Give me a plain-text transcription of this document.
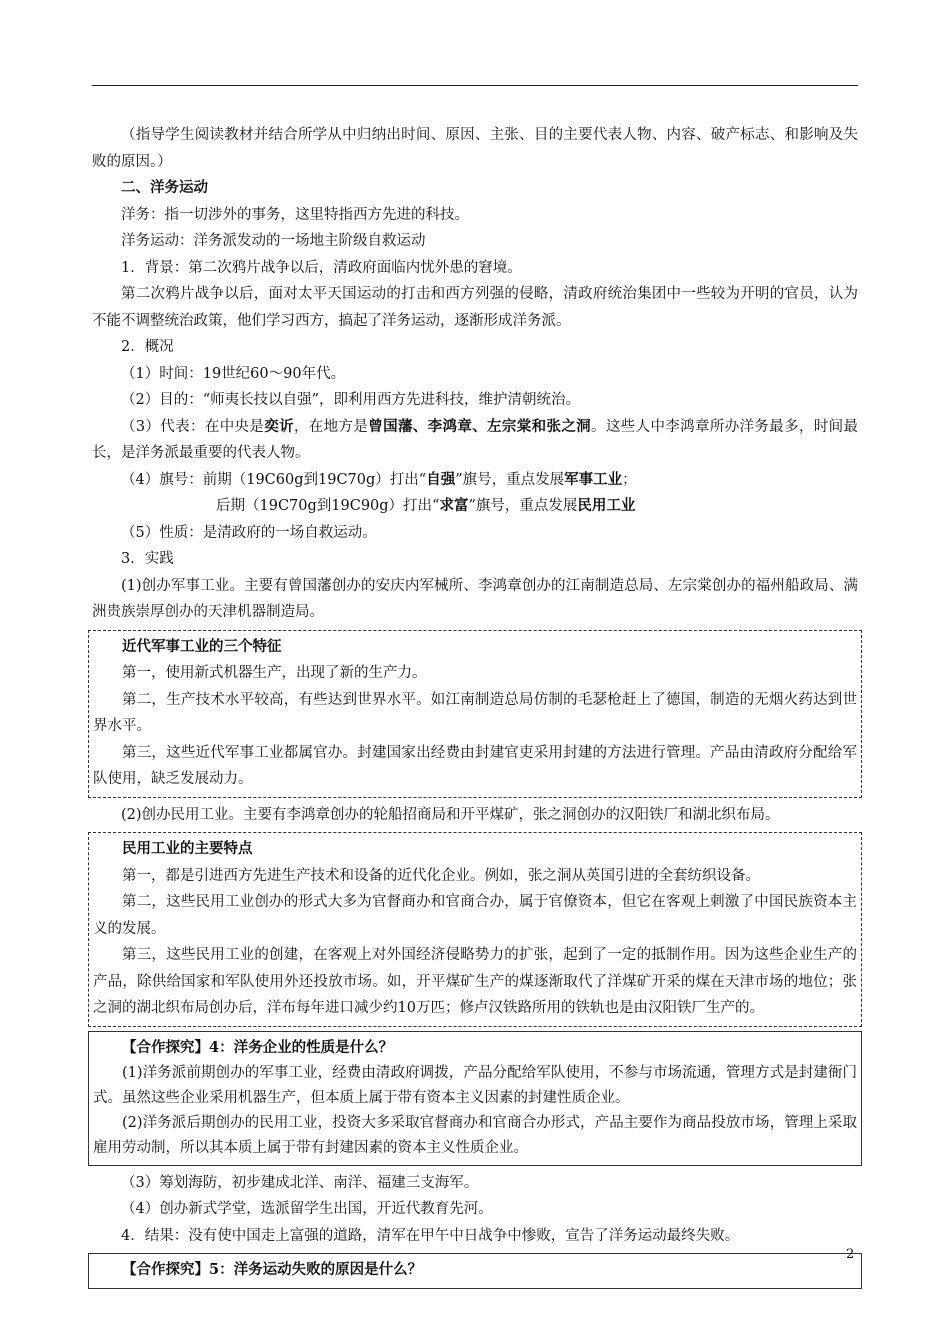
（指导学生阅读教材并结合所学从中归纳出时间、原因、主张、目的主要代表人物、内容、破产标志、和影响及失败的原因。）

二、洋务运动

洋务：指一切涉外的事务，这里特指西方先进的科技。

洋务运动：洋务派发动的一场地主阶级自救运动

1．背景：第二次鸦片战争以后，清政府面临内忧外患的窘境。

第二次鸦片战争以后，面对太平天国运动的打击和西方列强的侵略，清政府统治集团中一些较为开明的官员，认为不能不调整统治政策，他们学习西方，搞起了洋务运动，逐渐形成洋务派。

2．概况

（1）时间：19世纪60～90年代。

（2）目的：“师夷长技以自强”，即利用西方先进科技，维护清朝统治。

（3）代表：在中央是奕䜣，在地方是曾国藩、李鸿章、左宗棠和张之洞。这些人中李鸿章所办洋务最多，时间最长，是洋务派最重要的代表人物。

（4）旗号：前期（19C60g到19C70g）打出“自强”旗号，重点发展军事工业；

后期（19C70g到19C90g）打出“求富”旗号，重点发展民用工业

（5）性质：是清政府的一场自救运动。

3．实践

(1)创办军事工业。主要有曾国藩创办的安庆内军械所、李鸿章创办的江南制造总局、左宗棠创办的福州船政局、满洲贵族崇厚创办的天津机器制造局。

近代军事工业的三个特征

第一，使用新式机器生产，出现了新的生产力。

第二，生产技术水平较高，有些达到世界水平。如江南制造总局仿制的毛瑟枪赶上了德国，制造的无烟火药达到世界水平。

第三，这些近代军事工业都属官办。封建国家出经费由封建官吏采用封建的方法进行管理。产品由清政府分配给军队使用，缺乏发展动力。

(2)创办民用工业。主要有李鸿章创办的轮船招商局和开平煤矿，张之洞创办的汉阳铁厂和湖北织布局。

民用工业的主要特点

第一，都是引进西方先进生产技术和设备的近代化企业。例如，张之洞从英国引进的全套纺织设备。

第二，这些民用工业创办的形式大多为官督商办和官商合办，属于官僚资本，但它在客观上刺激了中国民族资本主义的发展。

第三，这些民用工业的创建，在客观上对外国经济侵略势力的扩张，起到了一定的抵制作用。因为这些企业生产的产品，除供给国家和军队使用外还投放市场。如，开平煤矿生产的煤逐渐取代了洋煤矿开采的煤在天津市场的地位；张之洞的湖北织布局创办后，洋布每年进口减少约10万匹；修卢汉铁路所用的铁轨也是由汉阳铁厂生产的。

【合作探究】4：洋务企业的性质是什么？

(1)洋务派前期创办的军事工业，经费由清政府调拨，产品分配给军队使用，不参与市场流通，管理方式是封建衙门式。虽然这些企业采用机器生产，但本质上属于带有资本主义因素的封建性质企业。

(2)洋务派后期创办的民用工业，投资大多采取官督商办和官商合办形式，产品主要作为商品投放市场，管理上采取雇用劳动制，所以其本质上属于带有封建因素的资本主义性质企业。

（3）筹划海防，初步建成北洋、南洋、福建三支海军。

（4）创办新式学堂，选派留学生出国，开近代教育先河。

4．结果：没有使中国走上富强的道路，清军在甲午中日战争中惨败，宣告了洋务运动最终失败。

【合作探究】5：洋务运动失败的原因是什么？

2
